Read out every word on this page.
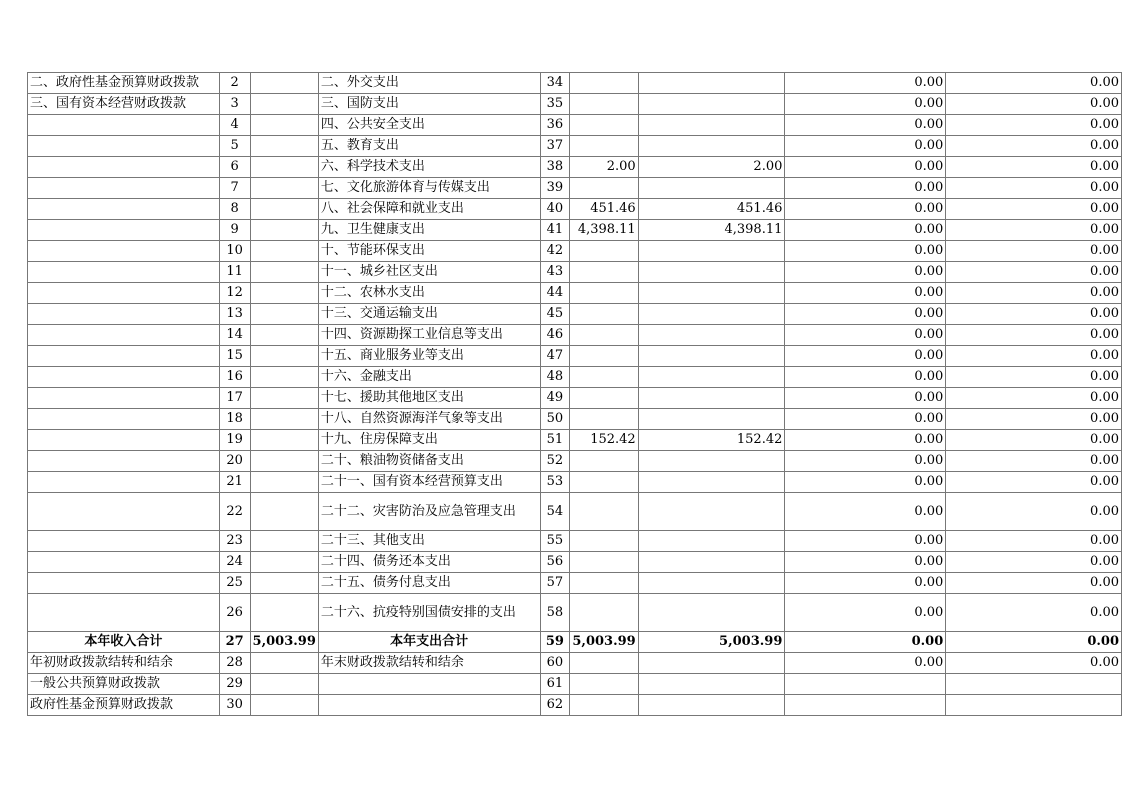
二、政府性基金预算财政拨款	2		二、外交支出	34			0.00	0.00
三、国有资本经营财政拨款	3		三、国防支出	35			0.00	0.00
	4		四、公共安全支出	36			0.00	0.00
	5		五、教育支出	37			0.00	0.00
	6		六、科学技术支出	38	2.00	2.00	0.00	0.00
	7		七、文化旅游体育与传媒支出	39			0.00	0.00
	8		八、社会保障和就业支出	40	451.46	451.46	0.00	0.00
	9		九、卫生健康支出	41	4,398.11	4,398.11	0.00	0.00
	10		十、节能环保支出	42			0.00	0.00
	11		十一、城乡社区支出	43			0.00	0.00
	12		十二、农林水支出	44			0.00	0.00
	13		十三、交通运输支出	45			0.00	0.00
	14		十四、资源勘探工业信息等支出	46			0.00	0.00
	15		十五、商业服务业等支出	47			0.00	0.00
	16		十六、金融支出	48			0.00	0.00
	17		十七、援助其他地区支出	49			0.00	0.00
	18		十八、自然资源海洋气象等支出	50			0.00	0.00
	19		十九、住房保障支出	51	152.42	152.42	0.00	0.00
	20		二十、粮油物资储备支出	52			0.00	0.00
	21		二十一、国有资本经营预算支出	53			0.00	0.00
	22		二十二、灾害防治及应急管理支出	54			0.00	0.00
	23		二十三、其他支出	55			0.00	0.00
	24		二十四、债务还本支出	56			0.00	0.00
	25		二十五、债务付息支出	57			0.00	0.00
	26		二十六、抗疫特别国债安排的支出	58			0.00	0.00
本年收入合计	27	5,003.99	本年支出合计	59	5,003.99	5,003.99	0.00	0.00
年初财政拨款结转和结余	28		年末财政拨款结转和结余	60			0.00	0.00
一般公共预算财政拨款	29			61				
政府性基金预算财政拨款	30			62				
